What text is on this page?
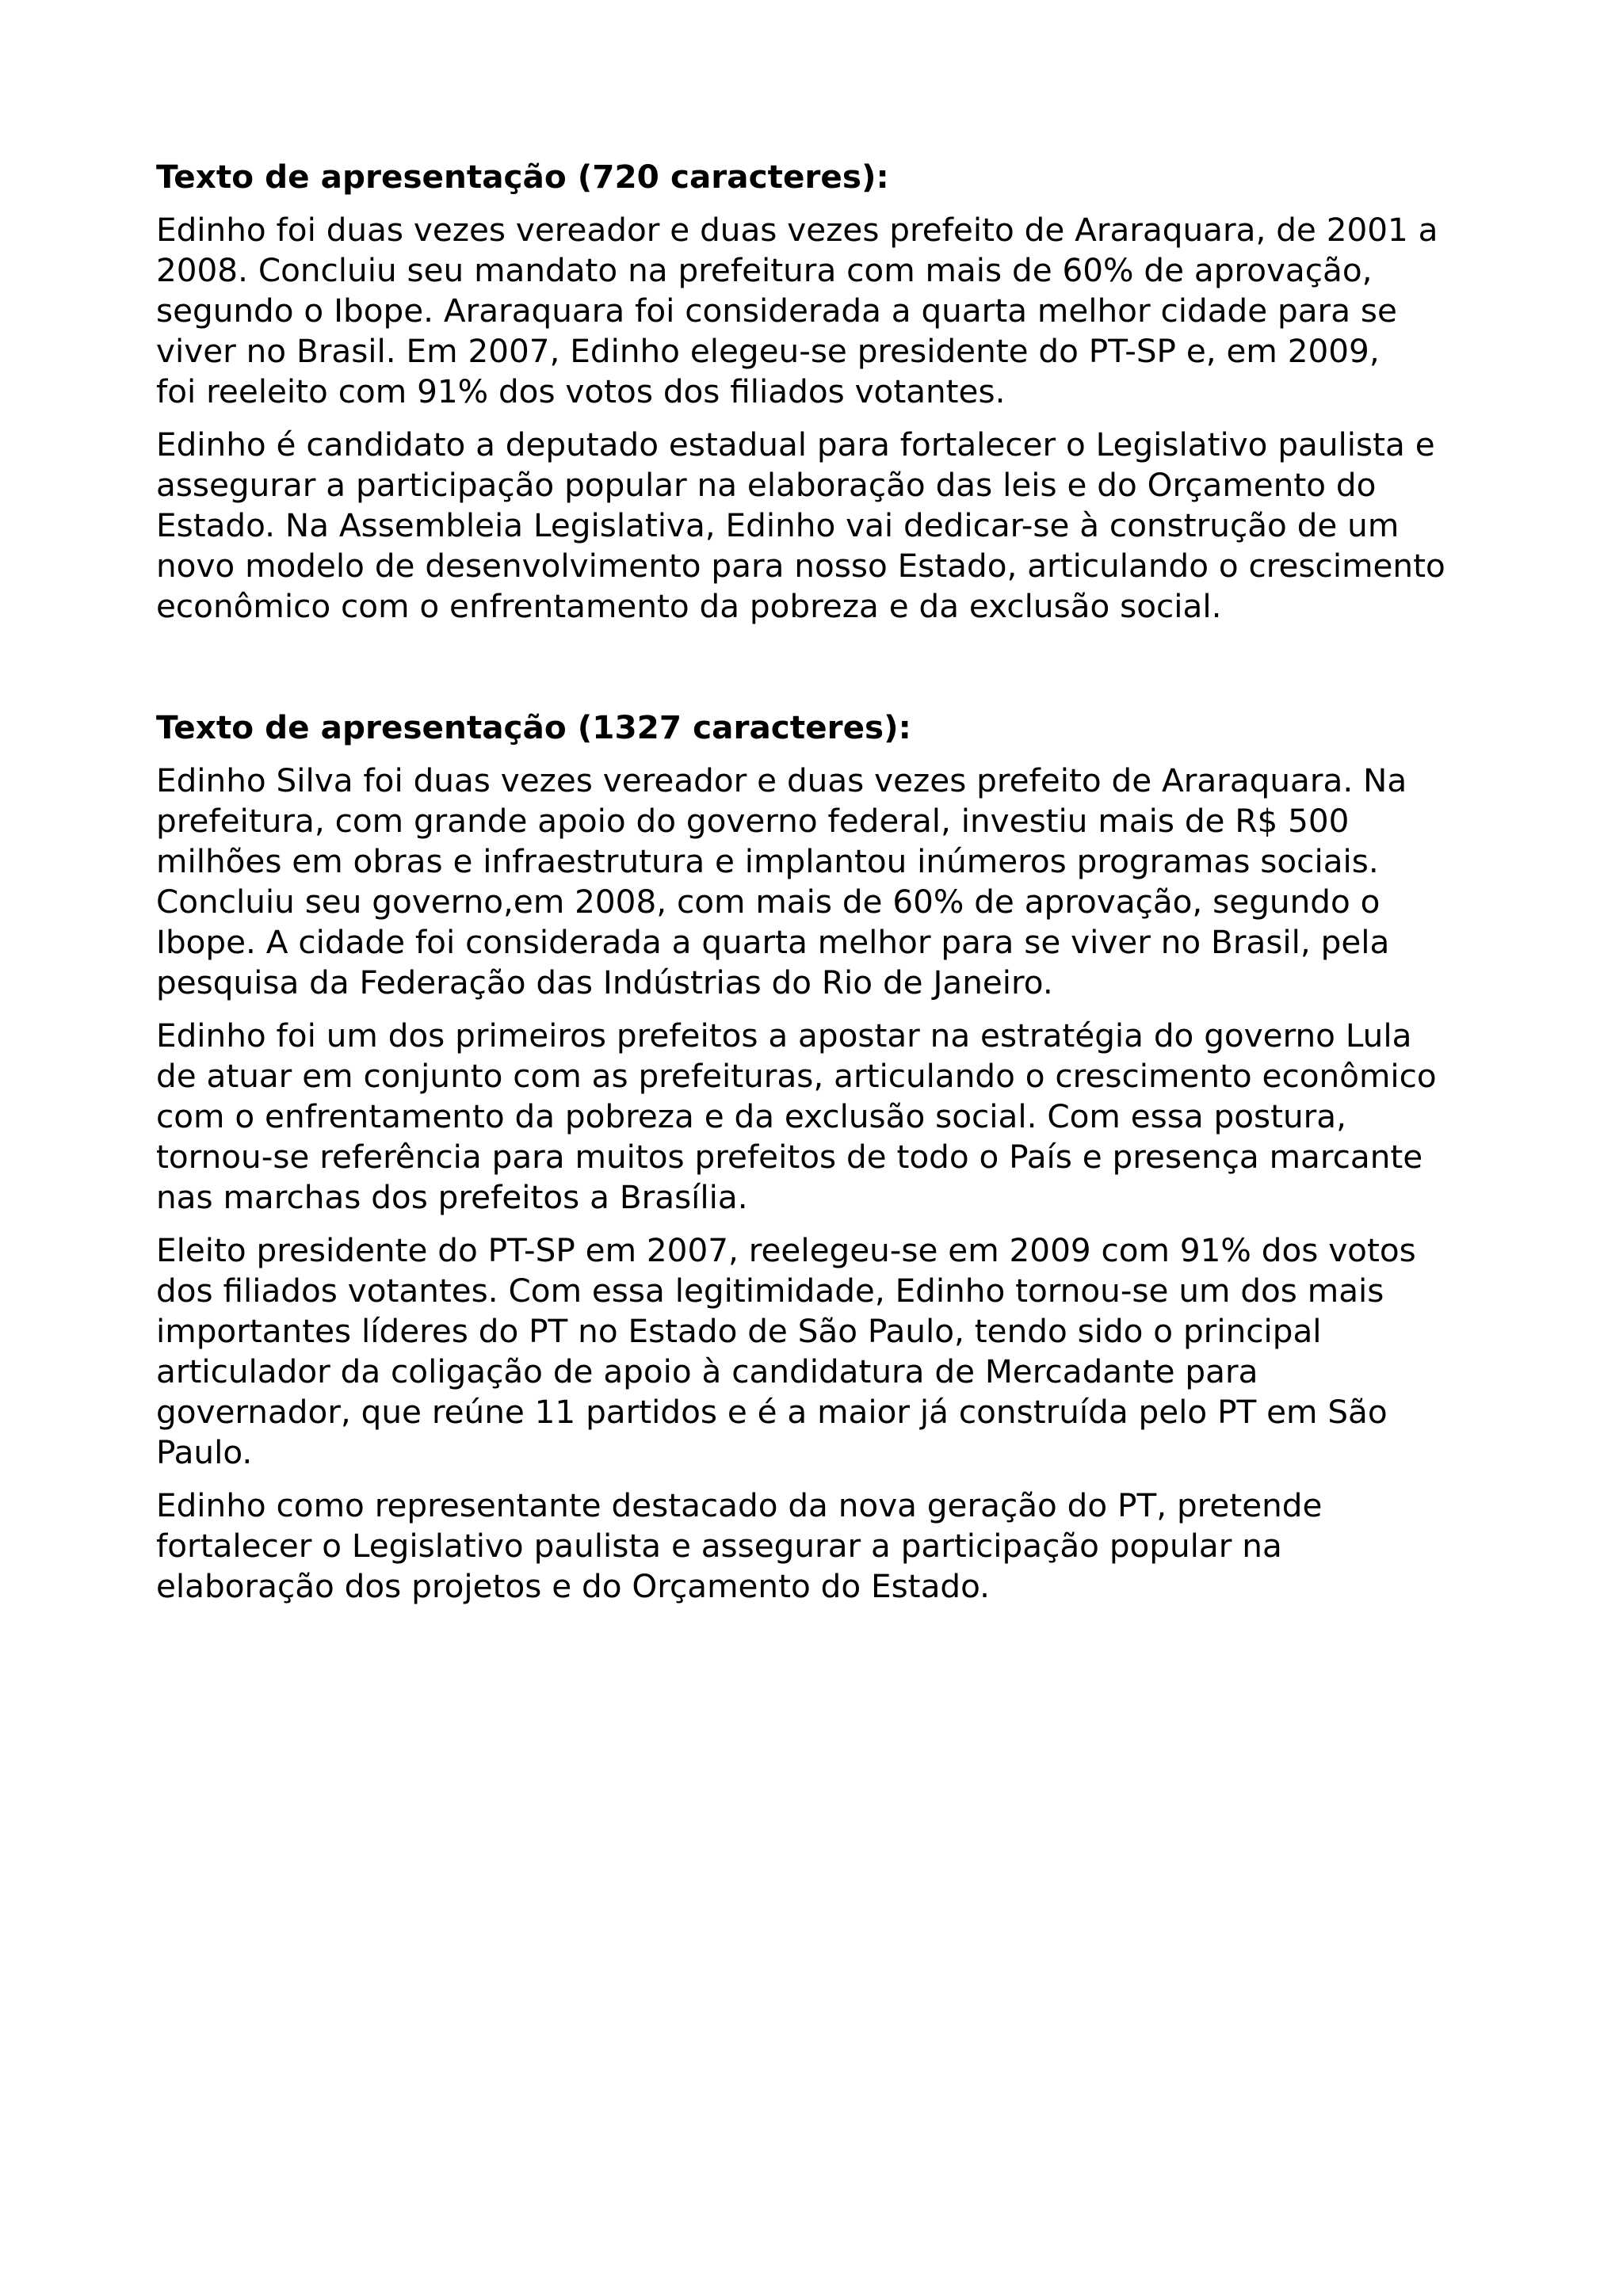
Texto de apresentação (720 caracteres):
Edinho foi duas vezes vereador e duas vezes prefeito de Araraquara, de 2001 a
2008. Concluiu seu mandato na prefeitura com mais de 60% de aprovação,
segundo o Ibope. Araraquara foi considerada a quarta melhor cidade para se
viver no Brasil. Em 2007, Edinho elegeu-se presidente do PT-SP e, em 2009,
foi reeleito com 91% dos votos dos filiados votantes.
Edinho é candidato a deputado estadual para fortalecer o Legislativo paulista e
assegurar a participação popular na elaboração das leis e do Orçamento do
Estado. Na Assembleia Legislativa, Edinho vai dedicar-se à construção de um
novo modelo de desenvolvimento para nosso Estado, articulando o crescimento
econômico com o enfrentamento da pobreza e da exclusão social.
Texto de apresentação (1327 caracteres):
Edinho Silva foi duas vezes vereador e duas vezes prefeito de Araraquara. Na
prefeitura, com grande apoio do governo federal, investiu mais de R$ 500
milhões em obras e infraestrutura e implantou inúmeros programas sociais.
Concluiu seu governo,em 2008, com mais de 60% de aprovação, segundo o
Ibope. A cidade foi considerada a quarta melhor para se viver no Brasil, pela
pesquisa da Federação das Indústrias do Rio de Janeiro.
Edinho foi um dos primeiros prefeitos a apostar na estratégia do governo Lula
de atuar em conjunto com as prefeituras, articulando o crescimento econômico
com o enfrentamento da pobreza e da exclusão social. Com essa postura,
tornou-se referência para muitos prefeitos de todo o País e presença marcante
nas marchas dos prefeitos a Brasília.
Eleito presidente do PT-SP em 2007, reelegeu-se em 2009 com 91% dos votos
dos filiados votantes. Com essa legitimidade, Edinho tornou-se um dos mais
importantes líderes do PT no Estado de São Paulo, tendo sido o principal
articulador da coligação de apoio à candidatura de Mercadante para
governador, que reúne 11 partidos e é a maior já construída pelo PT em São
Paulo.
Edinho como representante destacado da nova geração do PT, pretende
fortalecer o Legislativo paulista e assegurar a participação popular na
elaboração dos projetos e do Orçamento do Estado.
